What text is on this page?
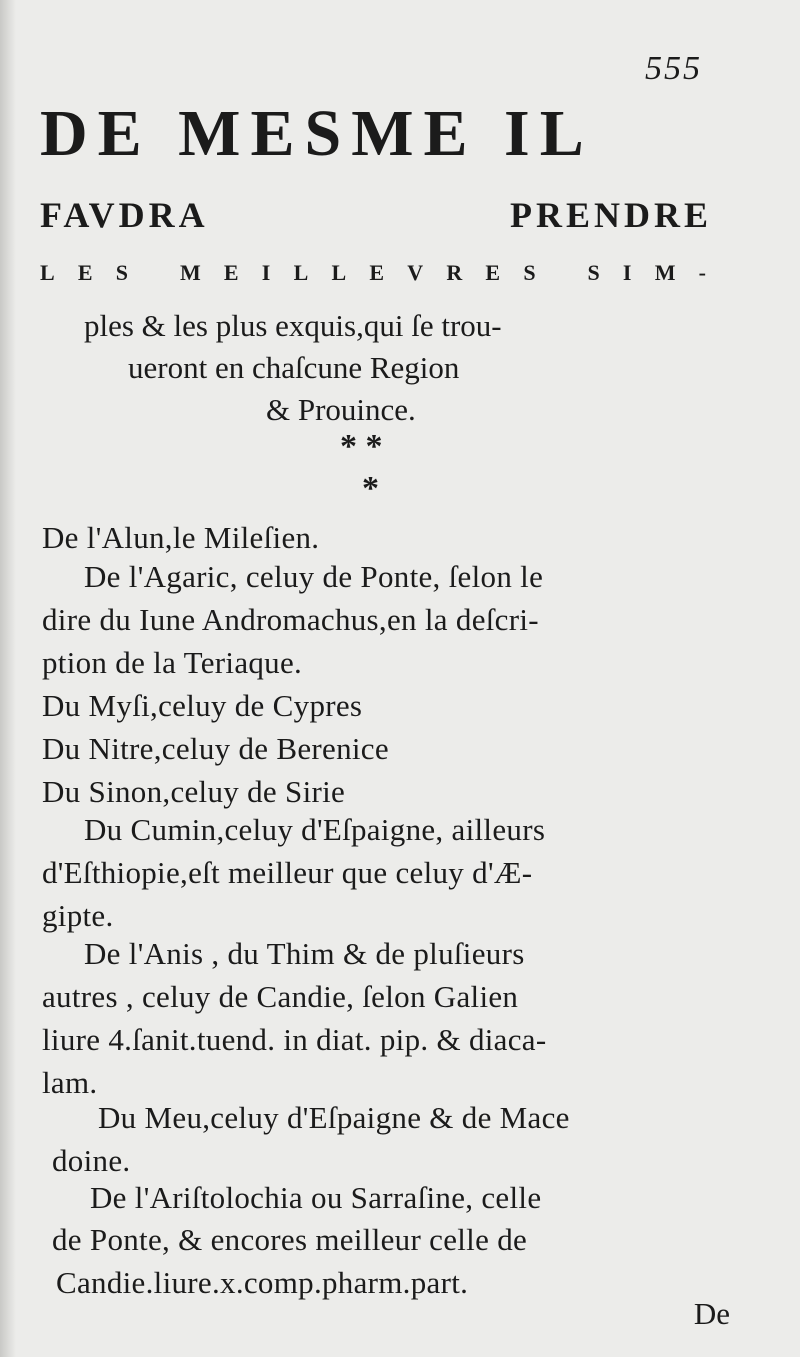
555
DE MESME IL
FAVDRA	PRENDRE
L E S
M E I L L E V R E S
S I M -
ples & les plus exquis,qui ſe trou-
ueront en chaſcune Region
& Prouince.
* *
*
De l'Alun,le Mileſien.
De l'Agaric, celuy de Ponte, ſelon le
dire du Iune Andromachus,en la deſcri-
ption de la Teriaque.
Du Myſi,celuy de Cypres
Du Nitre,celuy de Berenice
Du Sinon,celuy de Sirie
Du Cumin,celuy d'Eſpaigne, ailleurs
d'Eſthiopie,eſt meilleur que celuy d'Æ-
gipte.
De l'Anis , du Thim & de pluſieurs
autres , celuy de Candie, ſelon Galien
liure 4.ſanit.tuend. in diat. pip. & diaca-
lam.
Du Meu,celuy d'Eſpaigne & de Mace
doine.
De l'Ariſtolochia ou Sarraſine, celle
de Ponte, & encores meilleur celle de
Candie.liure.x.comp.pharm.part.
De
